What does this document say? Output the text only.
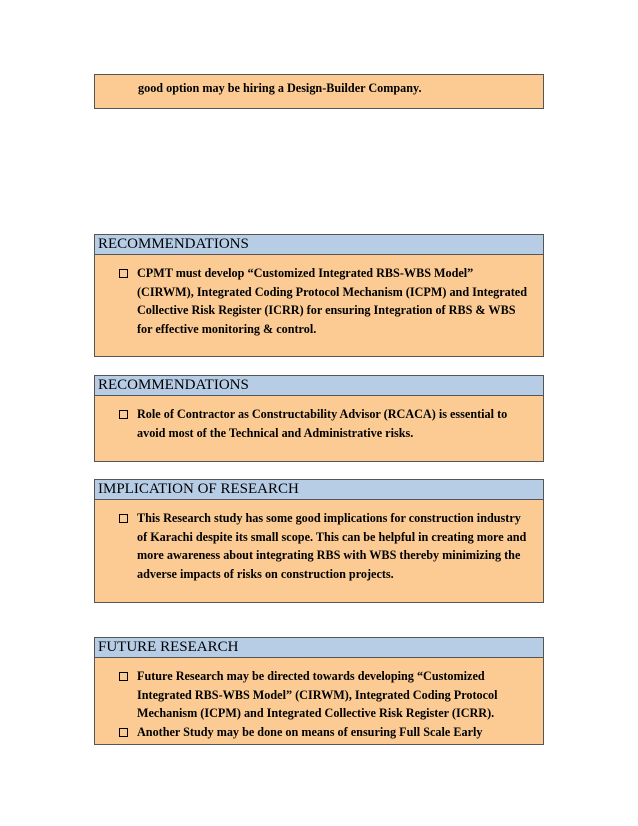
good option may be hiring a Design-Builder Company.
RECOMMENDATIONS
CPMT must develop “Customized Integrated RBS-WBS Model”
(CIRWM), Integrated Coding Protocol Mechanism (ICPM) and Integrated
Collective Risk Register (ICRR) for ensuring Integration of RBS & WBS
for effective monitoring & control.
RECOMMENDATIONS
Role of Contractor as Constructability Advisor (RCACA) is essential to
avoid most of the Technical and Administrative risks.
IMPLICATION OF RESEARCH
This Research study has some good implications for construction industry
of Karachi despite its small scope. This can be helpful in creating more and
more awareness about integrating RBS with WBS thereby minimizing the
adverse impacts of risks on construction projects.
FUTURE RESEARCH
Future Research may be directed towards developing “Customized
Integrated RBS-WBS Model” (CIRWM), Integrated Coding Protocol
Mechanism (ICPM) and Integrated Collective Risk Register (ICRR).
Another Study may be done on means of ensuring Full Scale Early
